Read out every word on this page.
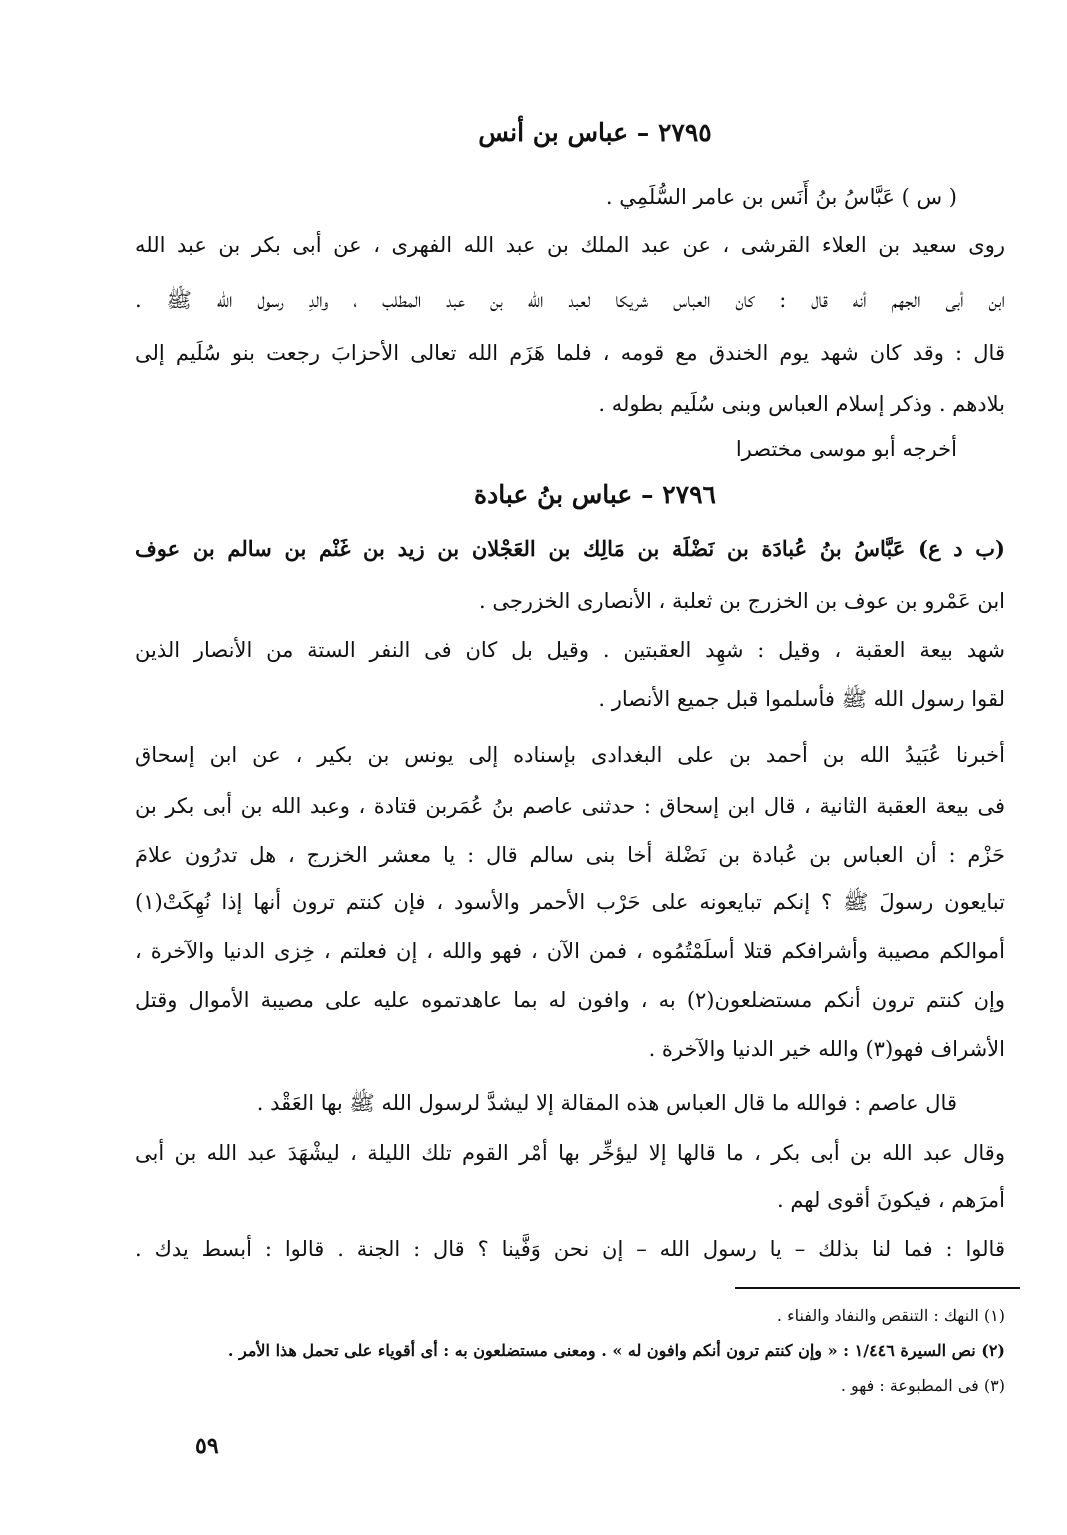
٢٧٩٥ – عباس بن أنس
( س ) عَبَّاسُ بنُ أَنَس بن عامر السُّلَمِي .
روى سعيد بن العلاء القرشى ، عن عبد الملك بن عبد الله الفهرى ، عن أبى بكر بن عبد الله
ابن أبى الجهم أنه قال : كان العباس شريكا لعبد الله بن عبد المطلب ، والدِ رسول الله ﷺ .
قال : وقد كان شهد يوم الخندق مع قومه ، فلما هَزَم الله تعالى الأحزابَ رجعت بنو سُلَيم إلى
بلادهم . وذكر إسلام العباس وبنى سُلَيم بطوله .
أخرجه أبو موسى مختصرا
٢٧٩٦ – عباس بنُ عبادة
(ب د ع) عَبَّاسُ بنُ عُبادَة بن نَضْلَة بن مَالِك بن العَجْلان بن زيد بن غَنْم بن سالم بن عوف
ابن عَمْرو بن عوف بن الخزرج بن ثعلبة ، الأنصارى الخزرجى .
شهد بيعة العقبة ، وقيل : شهِد العقبتين . وقيل بل كان فى النفر الستة من الأنصار الذين
لقوا رسول الله ﷺ فأسلموا قبل جميع الأنصار .
أخبرنا عُبَيدُ الله بن أحمد بن على البغدادى بإسناده إلى يونس بن بكير ، عن ابن إسحاق
فى بيعة العقبة الثانية ، قال ابن إسحاق : حدثنى عاصم بنُ عُمَربن قتادة ، وعبد الله بن أبى بكر بن
حَزْم : أن العباس بن عُبادة بن نَضْلة أخا بنى سالم قال : يا معشر الخزرج ، هل تدرُون علامَ
تبايعون رسولَ ﷺ ؟ إنكم تبايعونه على حَرْب الأحمر والأسود ، فإن كنتم ترون أنها إذا نُهِكَتْ(١)
أموالكم مصيبة وأشرافكم قتلا أسلَمْتُمُوه ، فمن الآن ، فهو والله ، إن فعلتم ، خِزى الدنيا والآخرة ،
وإن كنتم ترون أنكم مستضلعون(٢) به ، وافون له بما عاهدتموه عليه على مصيبة الأموال وقتل
الأشراف فهو(٣) والله خير الدنيا والآخرة .
قال عاصم : فوالله ما قال العباس هذه المقالة إلا ليشدَّ لرسول الله ﷺ بها العَقْد .
وقال عبد الله بن أبى بكر ، ما قالها إلا ليؤخِّر بها أمْر القوم تلك الليلة ، ليشْهَدَ عبد الله بن أبى
أمرَهم ، فيكونَ أقوى لهم .
قالوا : فما لنا بذلك – يا رسول الله – إن نحن وَفَّينا ؟ قال : الجنة . قالوا : أبسط يدك .
(١) النهك : التنقص والنفاد والفناء .
(٢) نص السيرة ١/٤٤٦ : « وإن كنتم ترون أنكم وافون له » . ومعنى مستضلعون به : أى أقوياء على تحمل هذا الأمر .
(٣) فى المطبوعة : فهو .
٥٩
